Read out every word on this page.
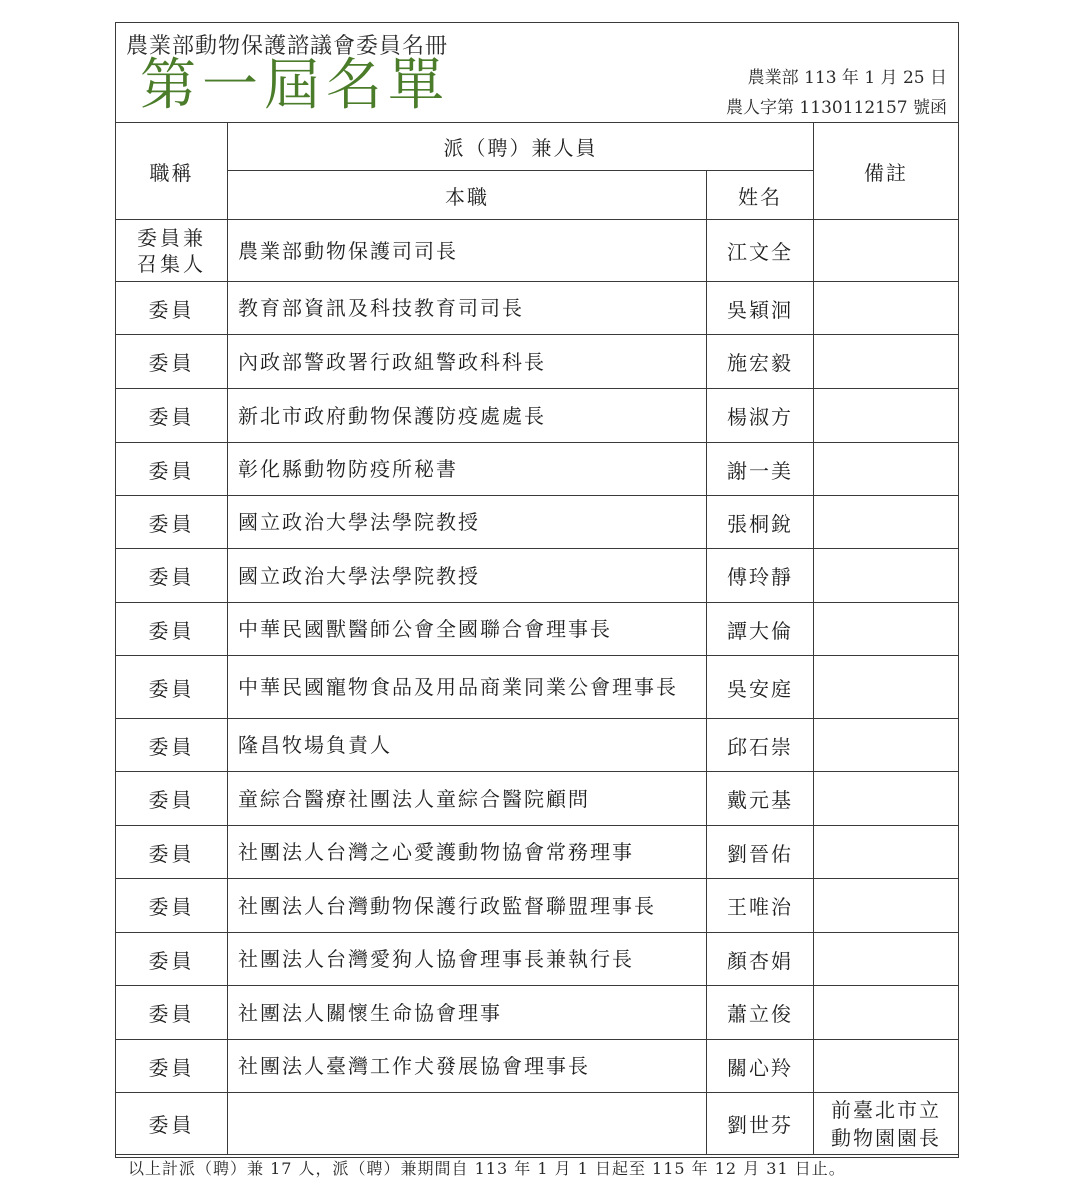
農業部動物保護諮議會委員名冊
第一屆名單	農業部 113 年 1 月 25 日
農人字第 1130112157 號函
職稱	派（聘）兼人員		備註
	本職	姓名	
委員兼召集人	農業部動物保護司司長	江文全	
委員	教育部資訊及科技教育司司長	吳穎洄	
委員	內政部警政署行政組警政科科長	施宏毅	
委員	新北市政府動物保護防疫處處長	楊淑方	
委員	彰化縣動物防疫所秘書	謝一美	
委員	國立政治大學法學院教授	張桐銳	
委員	國立政治大學法學院教授	傅玲靜	
委員	中華民國獸醫師公會全國聯合會理事長	譚大倫	
委員	中華民國寵物食品及用品商業同業公會理事長	吳安庭	
委員	隆昌牧場負責人	邱石崇	
委員	童綜合醫療社團法人童綜合醫院顧問	戴元基	
委員	社團法人台灣之心愛護動物協會常務理事	劉晉佑	
委員	社團法人台灣動物保護行政監督聯盟理事長	王唯治	
委員	社團法人台灣愛狗人協會理事長兼執行長	顏杏娟	
委員	社團法人關懷生命協會理事	蕭立俊	
委員	社團法人臺灣工作犬發展協會理事長	關心羚	
委員		劉世芬	前臺北市立動物園園長
以上計派（聘）兼 17 人，派（聘）兼期間自 113 年 1 月 1 日起至 115 年 12 月 31 日止。
